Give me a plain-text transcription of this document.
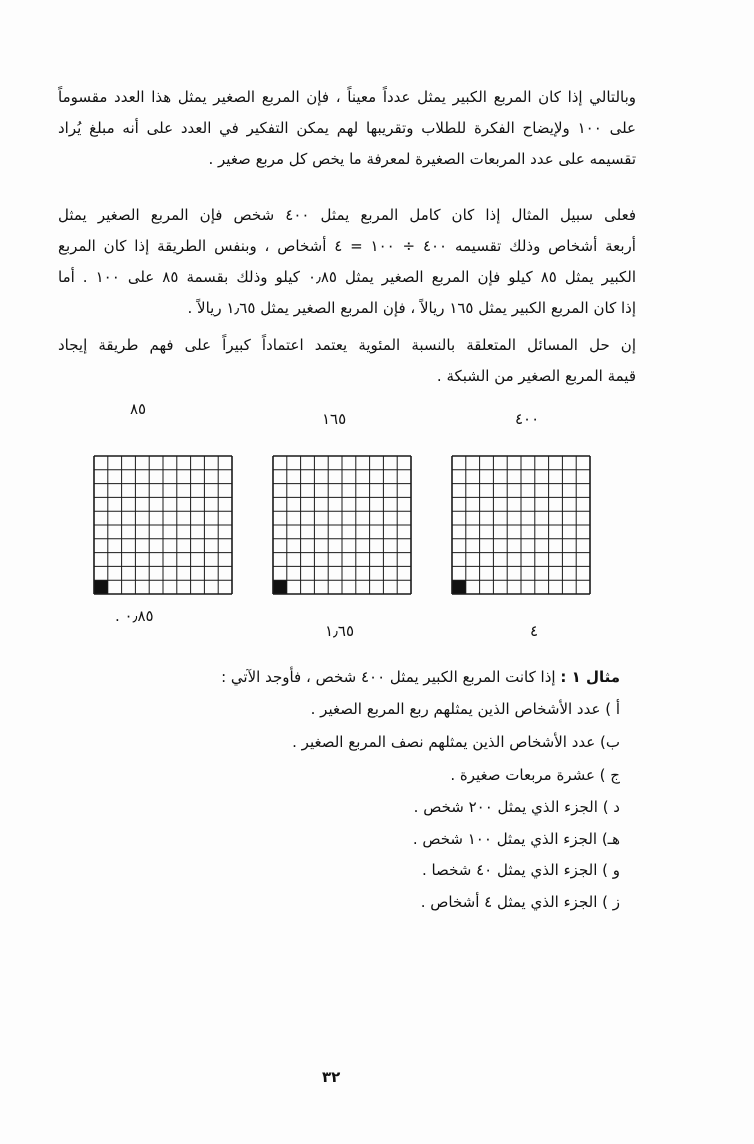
وبالتالي إذا كان المربع الكبير يمثل عدداً معيناً ، فإن المربع الصغير يمثل هذا العدد مقسوماً
على ١٠٠ ولإيضاح الفكرة للطلاب وتقريبها لهم يمكن التفكير في العدد على أنه مبلغ يُراد
تقسيمه على عدد المربعات الصغيرة لمعرفة ما يخص كل مربع صغير .

فعلى سبيل المثال إذا كان كامل المربع يمثل ٤٠٠ شخص فإن المربع الصغير يمثل
أربعة أشخاص وذلك تقسيمه ٤٠٠ ÷ ١٠٠ = ٤ أشخاص ، وبنفس الطريقة إذا كان المربع
الكبير يمثل ٨٥ كيلو فإن المربع الصغير يمثل ٠٫٨٥ كيلو وذلك بقسمة ٨٥ على ١٠٠ . أما
إذا كان المربع الكبير يمثل ١٦٥ ريالاً ، فإن المربع الصغير يمثل ١٫٦٥ ريالاً .

إن حل المسائل المتعلقة بالنسبة المئوية يعتمد اعتماداً كبيراً على فهم طريقة إيجاد
قيمة المربع الصغير من الشبكة .

٨٥
١٦٥	٤٠٠
٠٫٨٥ .
١٫٦٥	٤
مثال ١ : إذا كانت المربع الكبير يمثل ٤٠٠ شخص ، فأوجد الآتي :
أ ) عدد الأشخاص الذين يمثلهم ربع المربع الصغير .
ب) عدد الأشخاص الذين يمثلهم نصف المربع الصغير .
ج ) عشرة مربعات صغيرة .
د ) الجزء الذي يمثل ٢٠٠ شخص .
هـ) الجزء الذي يمثل ١٠٠ شخص .
و ) الجزء الذي يمثل ٤٠ شخصا .
ز ) الجزء الذي يمثل ٤ أشخاص .
٣٢
